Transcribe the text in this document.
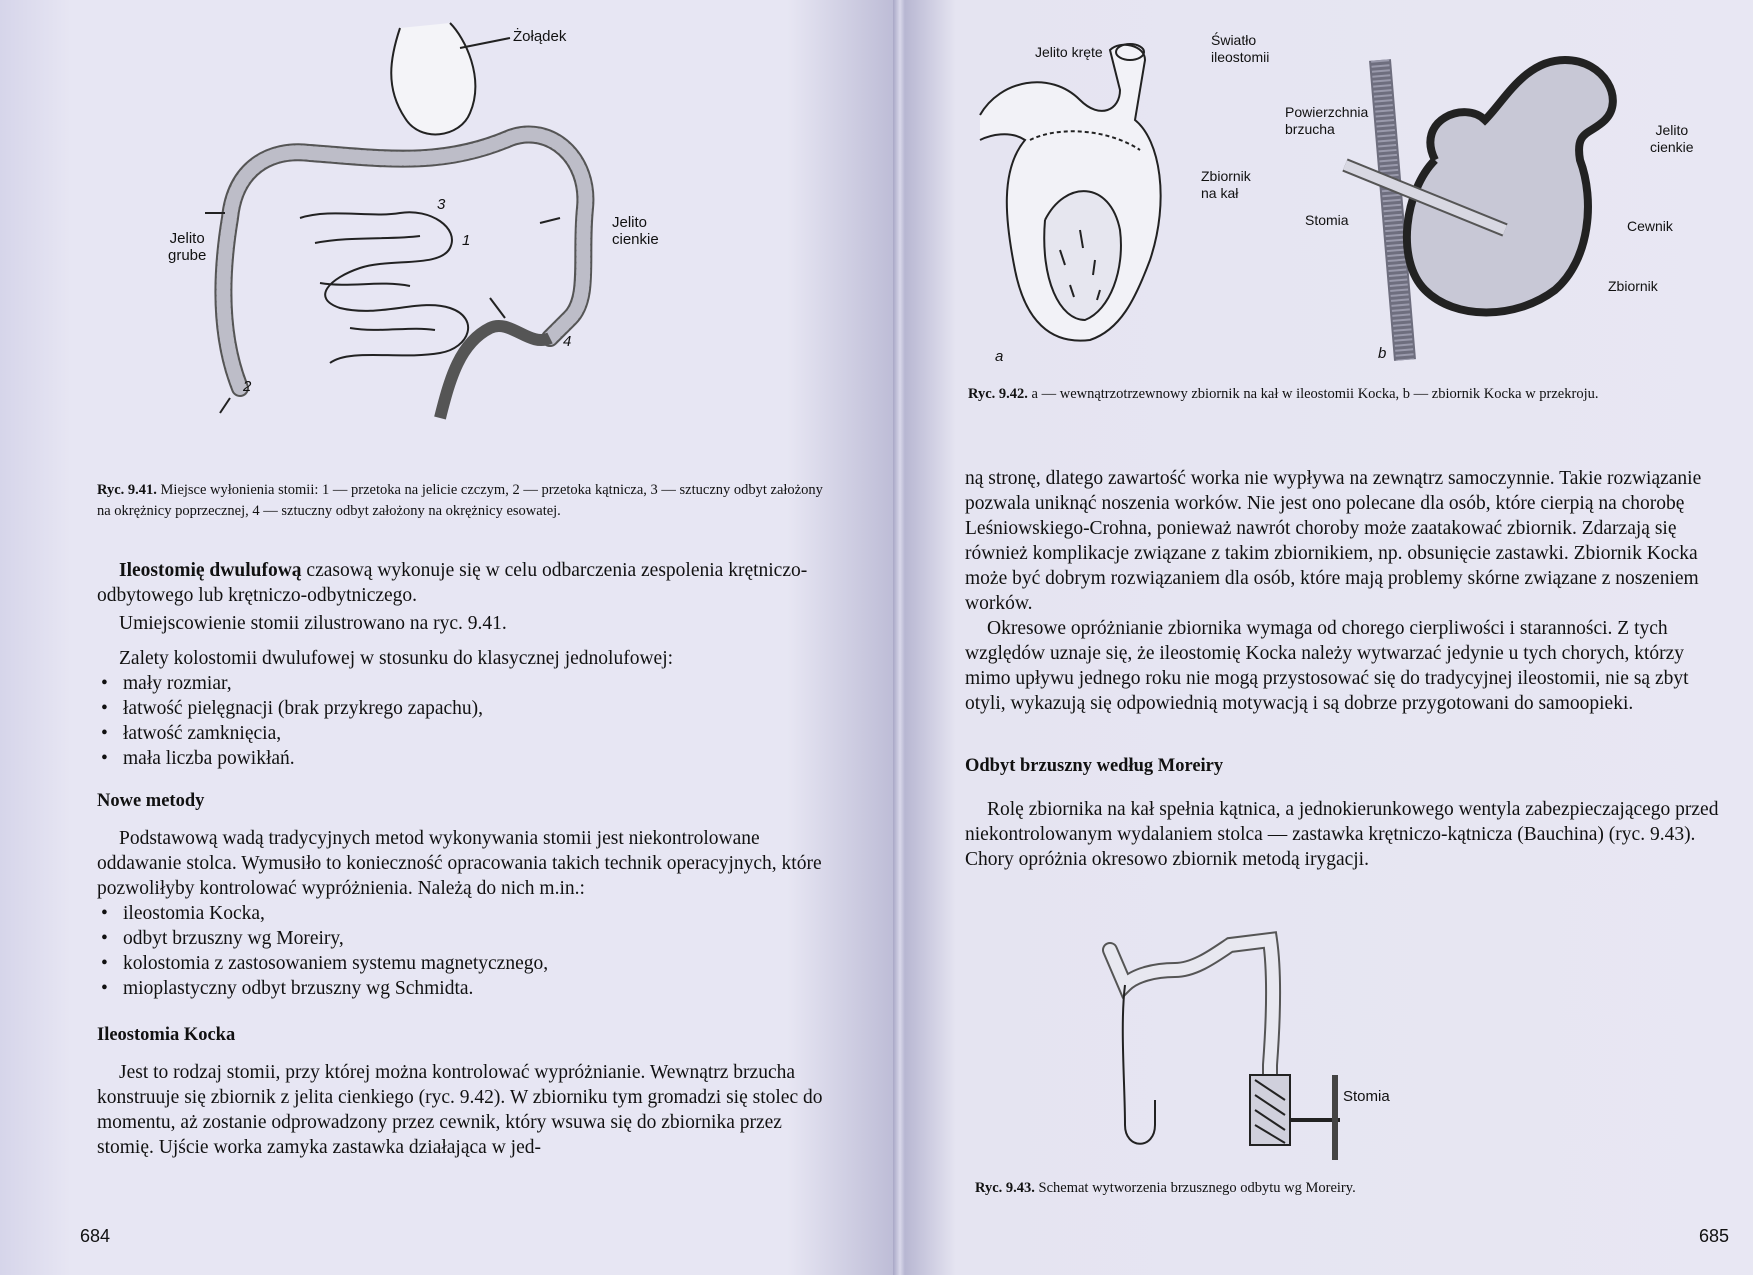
Żołądek
Jelito
grube
Jelito
cienkie
1
2
3
4
Ryc. 9.41. Miejsce wyłonienia stomii: 1 — przetoka na jelicie czczym, 2 — przetoka kątnicza, 3 — sztuczny odbyt założony na okrężnicy poprzecznej, 4 — sztuczny odbyt założony na okrężnicy esowatej.

Ileostomię dwulufową czasową wykonuje się w celu odbarczenia zespolenia krętniczo-odbytowego lub krętniczo-odbytniczego.

Umiejscowienie stomii zilustrowano na ryc. 9.41.

Zalety kolostomii dwulufowej w stosunku do klasycznej jednolufowej:

• mały rozmiar,
• łatwość pielęgnacji (brak przykrego zapachu),
• łatwość zamknięcia,
• mała liczba powikłań.
Nowe metody

Podstawową wadą tradycyjnych metod wykonywania stomii jest niekontrolowane oddawanie stolca. Wymusiło to konieczność opracowania takich technik operacyjnych, które pozwoliłyby kontrolować wypróżnienia. Należą do nich m.in.:

• ileostomia Kocka,
• odbyt brzuszny wg Moreiry,
• kolostomia z zastosowaniem systemu magnetycznego,
• mioplastyczny odbyt brzuszny wg Schmidta.
Ileostomia Kocka

Jest to rodzaj stomii, przy której można kontrolować wypróżnianie. Wewnątrz brzucha konstruuje się zbiornik z jelita cienkiego (ryc. 9.42). W zbiorniku tym gromadzi się stolec do momentu, aż zostanie odprowadzony przez cewnik, który wsuwa się do zbiornika przez stomię. Ujście worka zamyka zastawka działająca w jed-

684
Jelito kręte
Światło
ileostomii
Zbiornik
na kał
a
Powierzchnia
brzucha
Stomia
Jelito
cienkie
Cewnik
Zbiornik
b
Ryc. 9.42. a — wewnątrzotrzewnowy zbiornik na kał w ileostomii Kocka, b — zbiornik Kocka w przekroju.

ną stronę, dlatego zawartość worka nie wypływa na zewnątrz samoczynnie. Takie rozwiązanie pozwala uniknąć noszenia worków. Nie jest ono polecane dla osób, które cierpią na chorobę Leśniowskiego-Crohna, ponieważ nawrót choroby może zaatakować zbiornik. Zdarzają się również komplikacje związane z takim zbiornikiem, np. obsunięcie zastawki. Zbiornik Kocka może być dobrym rozwiązaniem dla osób, które mają problemy skórne związane z noszeniem worków.

Okresowe opróżnianie zbiornika wymaga od chorego cierpliwości i staranności. Z tych względów uznaje się, że ileostomię Kocka należy wytwarzać jedynie u tych chorych, którzy mimo upływu jednego roku nie mogą przystosować się do tradycyjnej ileostomii, nie są zbyt otyli, wykazują się odpowiednią motywacją i są dobrze przygotowani do samoopieki.

Odbyt brzuszny według Moreiry

Rolę zbiornika na kał spełnia kątnica, a jednokierunkowego wentyla zabezpieczającego przed niekontrolowanym wydalaniem stolca — zastawka krętniczo-kątnicza (Bauchina) (ryc. 9.43). Chory opróżnia okresowo zbiornik metodą irygacji.

Stomia
Ryc. 9.43. Schemat wytworzenia brzusznego odbytu wg Moreiry.
685
